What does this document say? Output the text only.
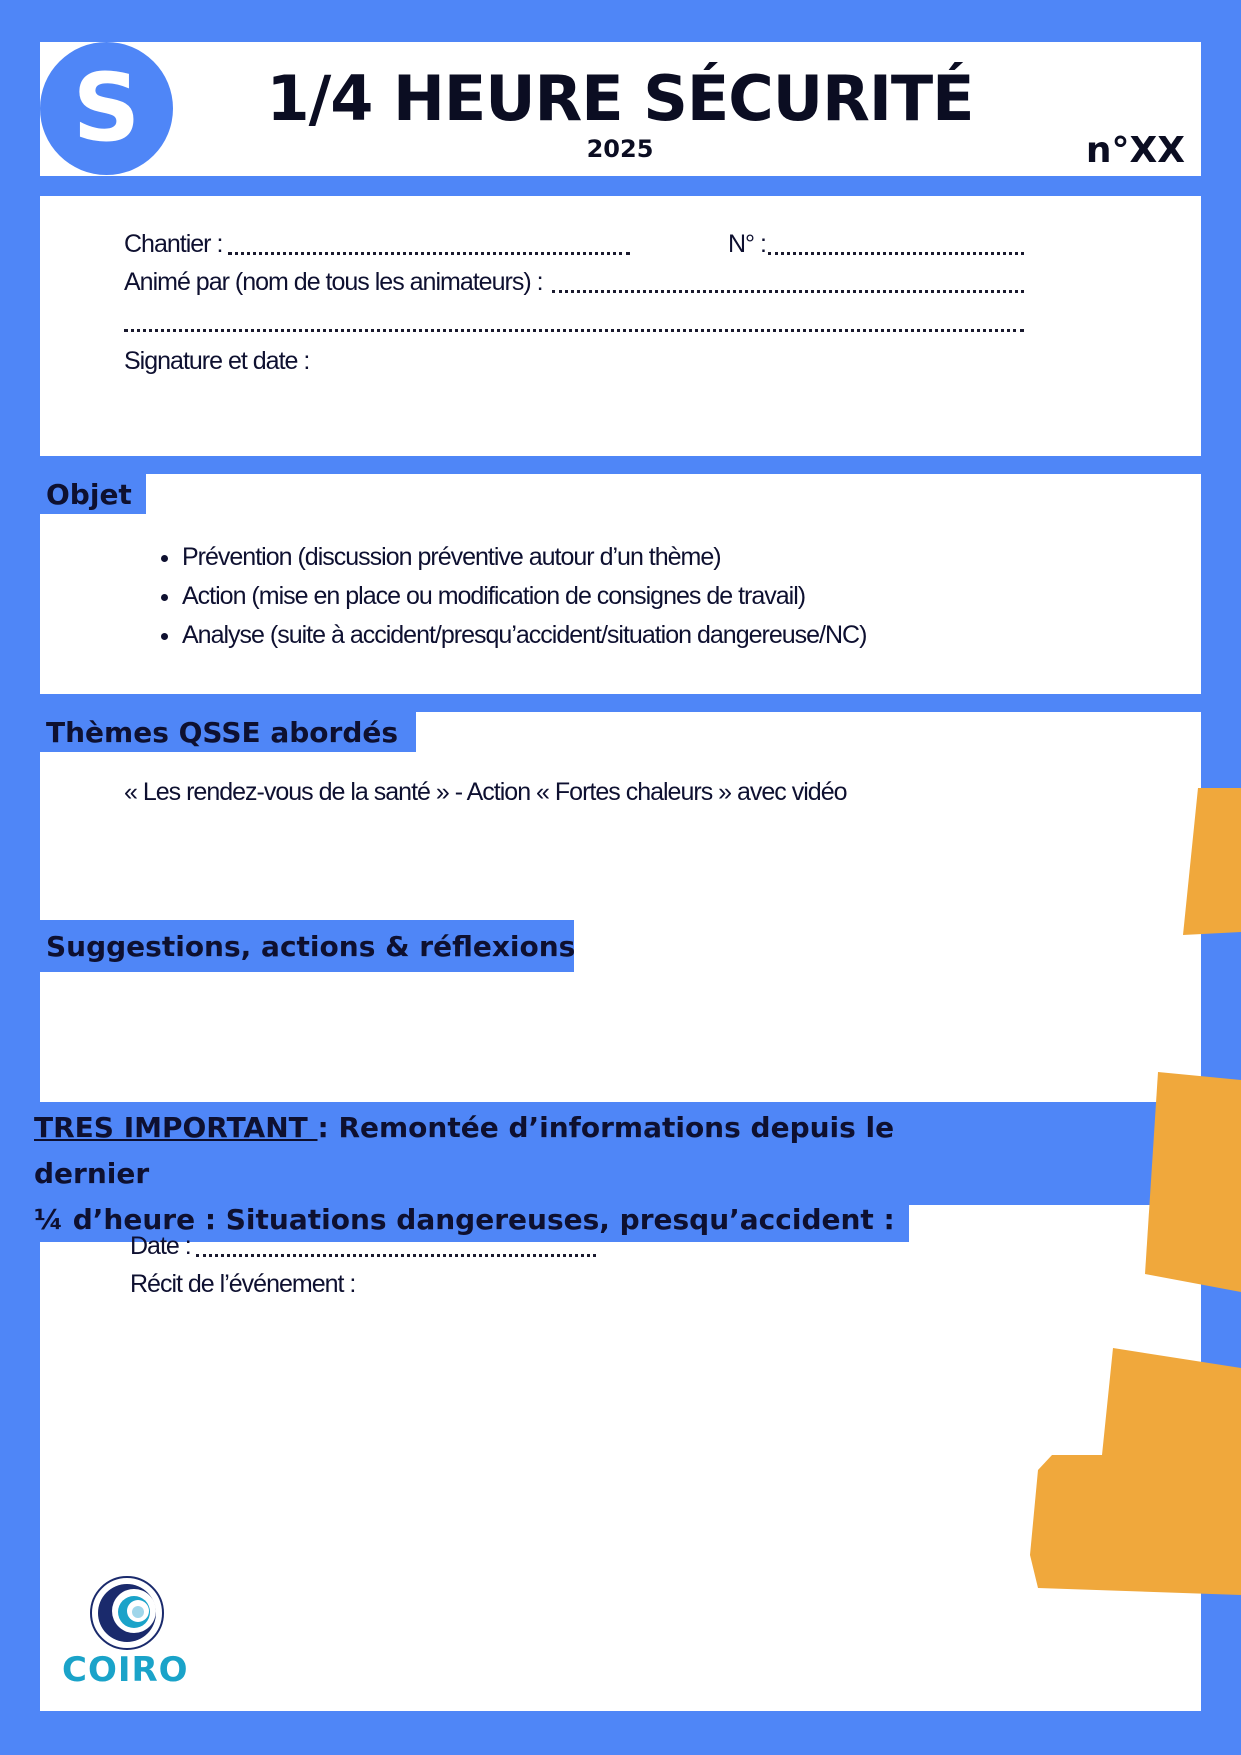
S	1/4 HEURE SÉCURITÉ
2025	n°XX
Chantier :	N° :
Animé par (nom de tous les animateurs) :
Signature et date :
Objet
• Prévention (discussion préventive autour d’un thème)
• Action (mise en place ou modification de consignes de travail)
• Analyse (suite à accident/presqu’accident/situation dangereuse/NC)
Thèmes QSSE abordés
« Les rendez-vous de la santé » - Action « Fortes chaleurs » avec vidéo
Suggestions, actions & réflexions
TRES IMPORTANT : Remontée d’informations depuis le dernier
¼ d’heure : Situations dangereuses, presqu’accident :
Date :
Récit de l’événement :
COIRO
